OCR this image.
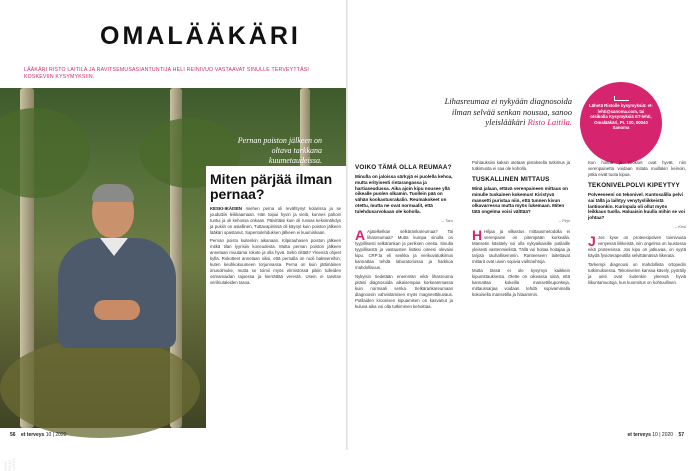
OMALÄÄKÄRI
LÄÄKÄRI RISTO LAITILA JA RAVITSEMUSASIANTUNTIJA HELI REINIVUO VASTAAVAT SINULLE TERVEYTTÄSI KOSKEVIIN KYSYMYKSIIN.
KUVA RISTO LAITILA
Pernan poiston jälkeen on oltava tarkkana kuumetaudeissa.
Miten pärjää ilman pernaa?

KESKI-IKÄISEN miehen perna oli revähtynyt kolarissa ja se jouduttiin leikkaamaan. Hän toipui hyvin ja vielä, kunnes pahoin tuntui ja oli kehossa onkaan. Päivittäisi kuin oli runsas keksimähdys ja pukiin on asiallinen. Tuttavapiirissä oli käynyt kuin poiston jälkeen lääkäri opastanut. Sapentulehduksen jälkeen ei kuuminkaan.

Pernan poisto kuitenkin aikanaan. Kilpirauhasen poiston jälkeen mitkä tilan lyyrisiin koneudesta. Mutta pernan poiston jälkeen annetaan muutama rokote ja olla hyvä. Sekö riittää? Yleensä ohjeet kyllä. Rokotteet annetaan siksi, että pernalla on rooli bakteereihin, kuten keuhkokuumeen torjunnassa. Perna on kuin jättimäinen imusolmuke, mutta se toimii myös elimistössä pikiin tulleiden osmamaidan tajuessa ja kierrättää verestä. Usein ei tarvitse verihiutaleiden tasoa.

56 et terveys 10 | 2020
Lihasreumaa ei nykyään diagnosoida ilman selvää senkan nousua, sanoo yleislääkäri Risto Laitila.
Lähetä Ristolle kysymyksiä: et-lehti@sanoma.com, tai otsikolla Kysymyksiä ET-lehti, Omalääkäri, PL 100, 00040 Sanoma
VOIKO TÄMÄ OLLA REUMAA?

Minulla on jaloissa särkyjä ei puolella kehoa, mutta erityisesti rintarangassa ja hartiaseudussa. Aika ajoin kipu nousee yllä oikealle puolen olkamin. Tuollein pää on vähän kookastusrakalin. Reumakokeet on otettu, mutta ne ovat normaalit, että tulehdusarvokaan ole koholla.

– Taru

A Ajatelkelkan selkärankareumaa? Tai lihasreumaa? Mutta kumpa sinulla on tyypillisesti selkärankan ja periksen oireita. Sinulla tyypillisestä ja vastausten lisäksi oireesi olevaisi kipu. CRP:ta eli senkka ja verikuvatutkimus kannattaa tehdä laboratoriossa ja harkkoa mahdollisuus.

Nykyisin tiedetään enemmän eikä lihasreuma pitäisi diagnosoida aikaisempaa korkeammassa kuin normaali senka. Selkärankareumaan diagnoosin vahvistamisen myös magneettikuvaus. Potilaiden kroonisen kipuamisen on kasvanut ja kuluva aika voi olla tutkiminen kehoittaa.

Puhtauksiisi kaksin otetaan pistoksella tutkimus ja tutkimusta ei saa ole koholla.

TUSKALLINEN MITTAUS

Minä jalaan, ettävä verenpaineen mittaus on minulle tuskainen kokemus! Kiristyvä mansetti puristaa niin, että tunnen kivun olkavarressa mutta myös lukemaan. Miten tätä ongelma voisi välttää?

– Pirjo

H Hiljaa ja vilkastus mittausmetodolla ei verenpaine on pitempään korkealla. Mansetin käsittely voi olla nykyaikaisille potilaille yleisesti vastenmielistä. Tällä voi hoitaa hoitajaa ja tarjota rauhallisemmin. Ranteeseen laitettavat mittarit ovat usein sopivia vaihtoehtoja.

Mutta tässä ei ole kysymys kaikkein kipumittauksesta. Olette on oikeassa siinä, että kannattaa kokeilla mansettikuponkeja, mittaussarjaa voidaan tehdä sopivammalla kokoisella mansetilla ja hitaammin.

Kun hoitoa ja tulokset ovat hyvät, niin verenpainetta voidaan mitata muillakin keinoin, jotka eivät tuota kipua.

TEKONIVELPOLVI KIPEYTYY

Polveeseeni on tekonivel. Kuntosalilla pelvi sai tällä ja laihtyy venytysliikkeistä lantioonkin. Kurinpala oli ollut myös leikkaus tuolla. Haluaisin kuulla mihin se voi johtaa?

– Kirsi

J Jos kyse on proteesipolven toimivuuta venyessä liikkeistä, niin ongelma on luustossa eikä proteesissa. Jos kipu on jatkuvaa, on syytä käydä fysioterapeutilla selvittämässä liikerata.

Tarkempi diagnoosi on mahdollista ortopedin tutkimuksessa. Tekonivelen kanssa kävely, pyöräily ja uinti ovat kuitenkin yleensä hyviä liikuntamuotoja, kun kuormitus on kohtuullinen.

et terveys 10 | 2020 57
